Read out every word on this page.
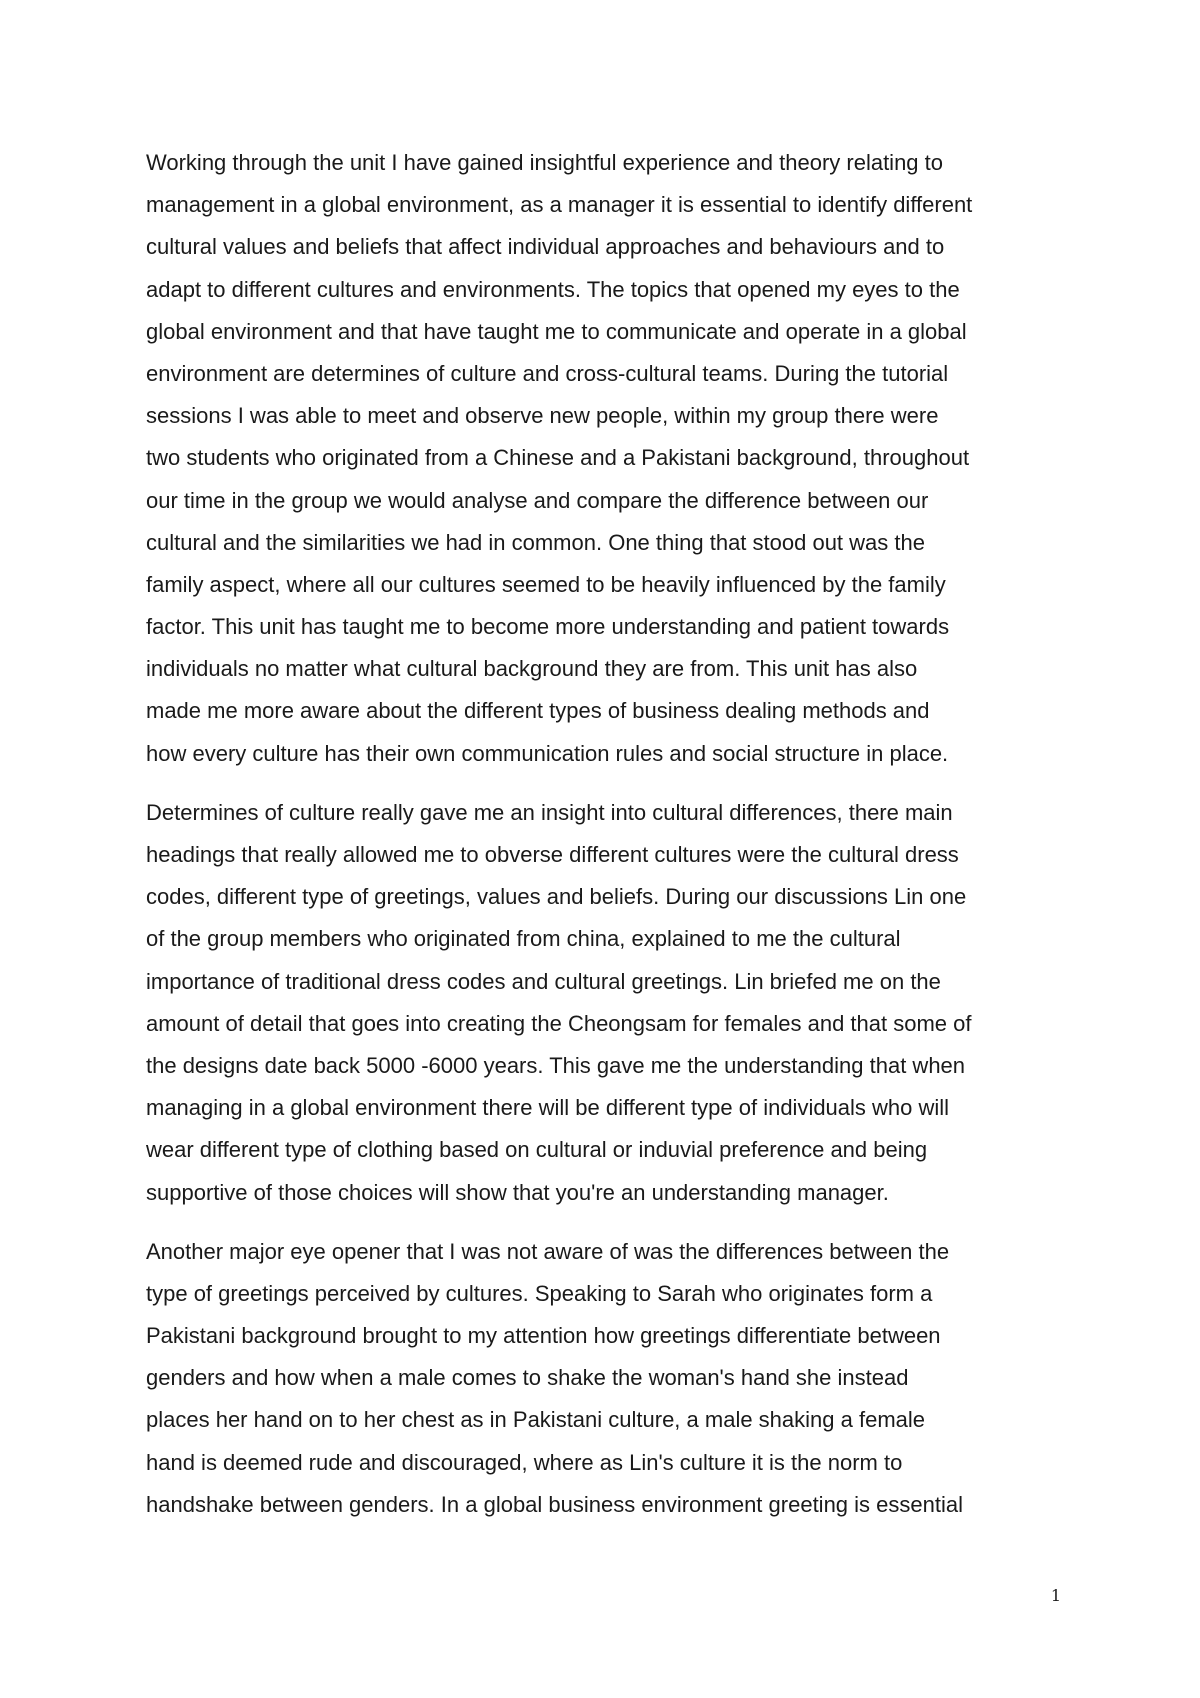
Working through the unit I have gained insightful experience and theory relating to
management in a global environment, as a manager it is essential to identify different
cultural values and beliefs that affect individual approaches and behaviours and to
adapt to different cultures and environments. The topics that opened my eyes to the
global environment and that have taught me to communicate and operate in a global
environment are determines of culture and cross-cultural teams. During the tutorial
sessions I was able to meet and observe new people, within my group there were
two students who originated from a Chinese and a Pakistani background, throughout
our time in the group we would analyse and compare the difference between our
cultural and the similarities we had in common. One thing that stood out was the
family aspect, where all our cultures seemed to be heavily influenced by the family
factor. This unit has taught me to become more understanding and patient towards
individuals no matter what cultural background they are from. This unit has also
made me more aware about the different types of business dealing methods and
how every culture has their own communication rules and social structure in place.
Determines of culture really gave me an insight into cultural differences, there main
headings that really allowed me to obverse different cultures were the cultural dress
codes, different type of greetings, values and beliefs. During our discussions Lin one
of the group members who originated from china, explained to me the cultural
importance of traditional dress codes and cultural greetings. Lin briefed me on the
amount of detail that goes into creating the Cheongsam for females and that some of
the designs date back 5000 -6000 years. This gave me the understanding that when
managing in a global environment there will be different type of individuals who will
wear different type of clothing based on cultural or induvial preference and being
supportive of those choices will show that you're an understanding manager.
Another major eye opener that I was not aware of was the differences between the
type of greetings perceived by cultures. Speaking to Sarah who originates form a
Pakistani background brought to my attention how greetings differentiate between
genders and how when a male comes to shake the woman's hand she instead
places her hand on to her chest as in Pakistani culture, a male shaking a female
hand is deemed rude and discouraged, where as Lin's culture it is the norm to
handshake between genders. In a global business environment greeting is essential
1
